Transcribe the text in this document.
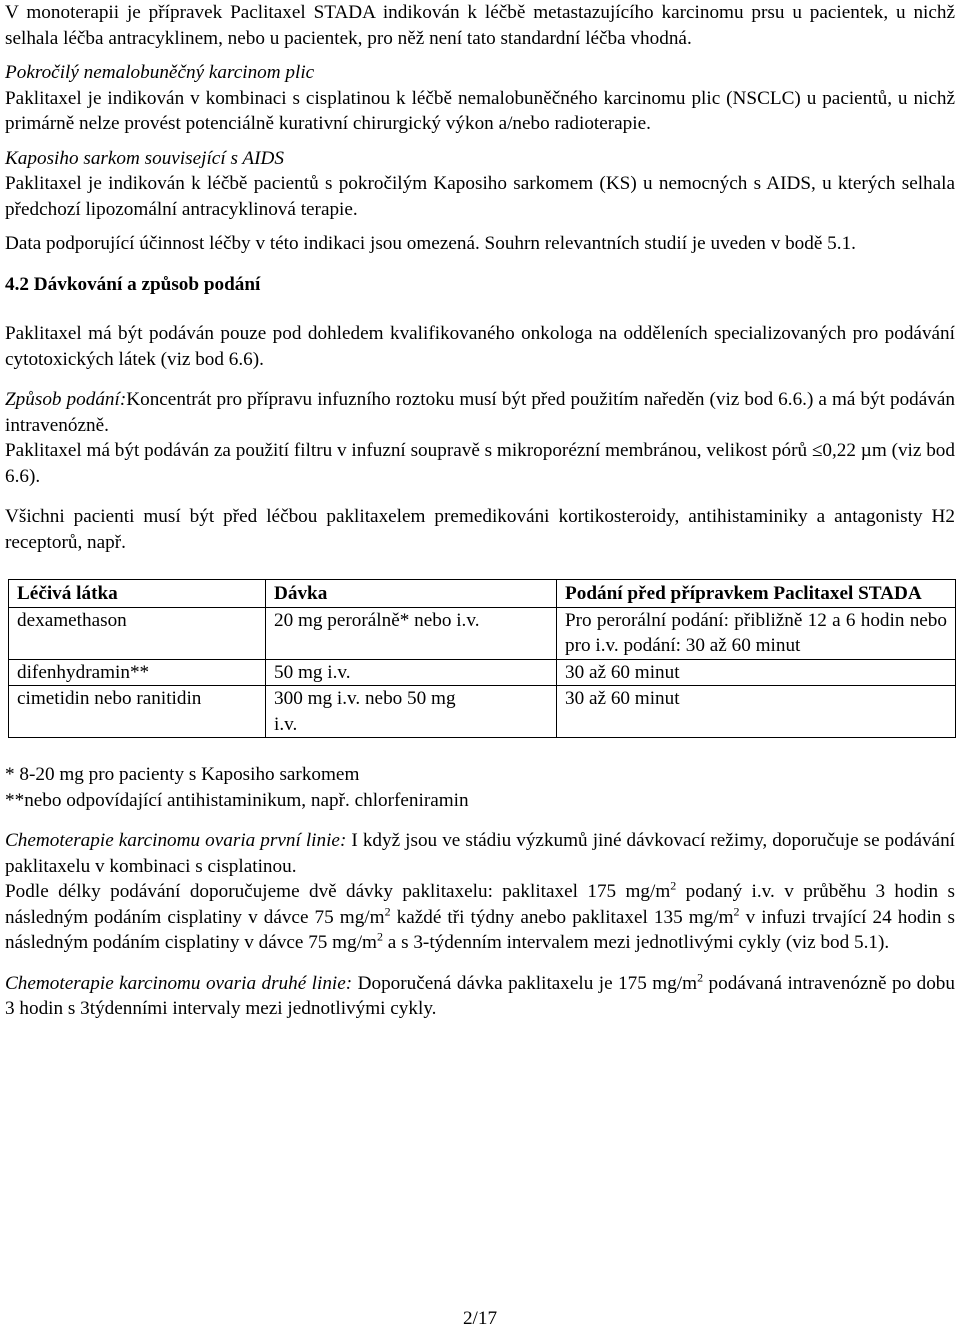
V monoterapii je přípravek Paclitaxel STADA indikován k léčbě metastazujícího karcinomu prsu u pacientek, u nichž selhala léčba antracyklinem, nebo u pacientek, pro něž není tato standardní léčba vhodná.

Pokročilý nemalobuněčný karcinom plic

Paklitaxel je indikován v kombinaci s cisplatinou k léčbě nemalobuněčného karcinomu plic (NSCLC) u pacientů, u nichž primárně nelze provést potenciálně kurativní chirurgický výkon a/nebo radioterapie.

Kaposiho sarkom související s AIDS

Paklitaxel je indikován k léčbě pacientů s pokročilým Kaposiho sarkomem (KS) u nemocných s AIDS, u kterých selhala předchozí lipozomální antracyklinová terapie.

Data podporující účinnost léčby v této indikaci jsou omezená. Souhrn relevantních studií je uveden v bodě 5.1.

4.2 Dávkování a způsob podání

Paklitaxel má být podáván pouze pod dohledem kvalifikovaného onkologa na odděleních specializovaných pro podávání cytotoxických látek (viz bod 6.6).

Způsob podání:Koncentrát pro přípravu infuzního roztoku musí být před použitím naředěn (viz bod 6.6.) a má být podáván intravenózně.

Paklitaxel má být podáván za použití filtru v infuzní soupravě s mikroporézní membránou, velikost pórů ≤0,22 µm (viz bod 6.6).

Všichni pacienti musí být před léčbou paklitaxelem premedikováni kortikosteroidy, antihistaminiky a antagonisty H2 receptorů, např.

Léčivá látka	Dávka	Podání před přípravkem Paclitaxel STADA
dexamethason	20 mg perorálně* nebo i.v.	Pro perorální podání: přibližně 12 a 6 hodin nebo pro i.v. podání: 30 až 60 minut
difenhydramin**	50 mg i.v.	30 až 60 minut
cimetidin nebo ranitidin	300 mg i.v. nebo 50 mg i.v.	30 až 60 minut

* 8-20 mg pro pacienty s Kaposiho sarkomem

**nebo odpovídající antihistaminikum, např. chlorfeniramin

Chemoterapie karcinomu ovaria první linie: I když jsou ve stádiu výzkumů jiné dávkovací režimy, doporučuje se podávání paklitaxelu v kombinaci s cisplatinou.

Podle délky podávání doporučujeme dvě dávky paklitaxelu: paklitaxel 175 $mg/m^2$ podaný i.v. v průběhu 3 hodin s následným podáním cisplatiny v dávce 75 $mg/m^2$ každé tři týdny anebo paklitaxel 135 $mg/m^2$ v infuzi trvající 24 hodin s následným podáním cisplatiny v dávce 75 $mg/m^2$ a s 3-týdenním intervalem mezi jednotlivými cykly (viz bod 5.1).

Chemoterapie karcinomu ovaria druhé linie: Doporučená dávka paklitaxelu je 175 $mg/m^2$ podávaná intravenózně po dobu 3 hodin s 3týdenními intervaly mezi jednotlivými cykly.

2/17
